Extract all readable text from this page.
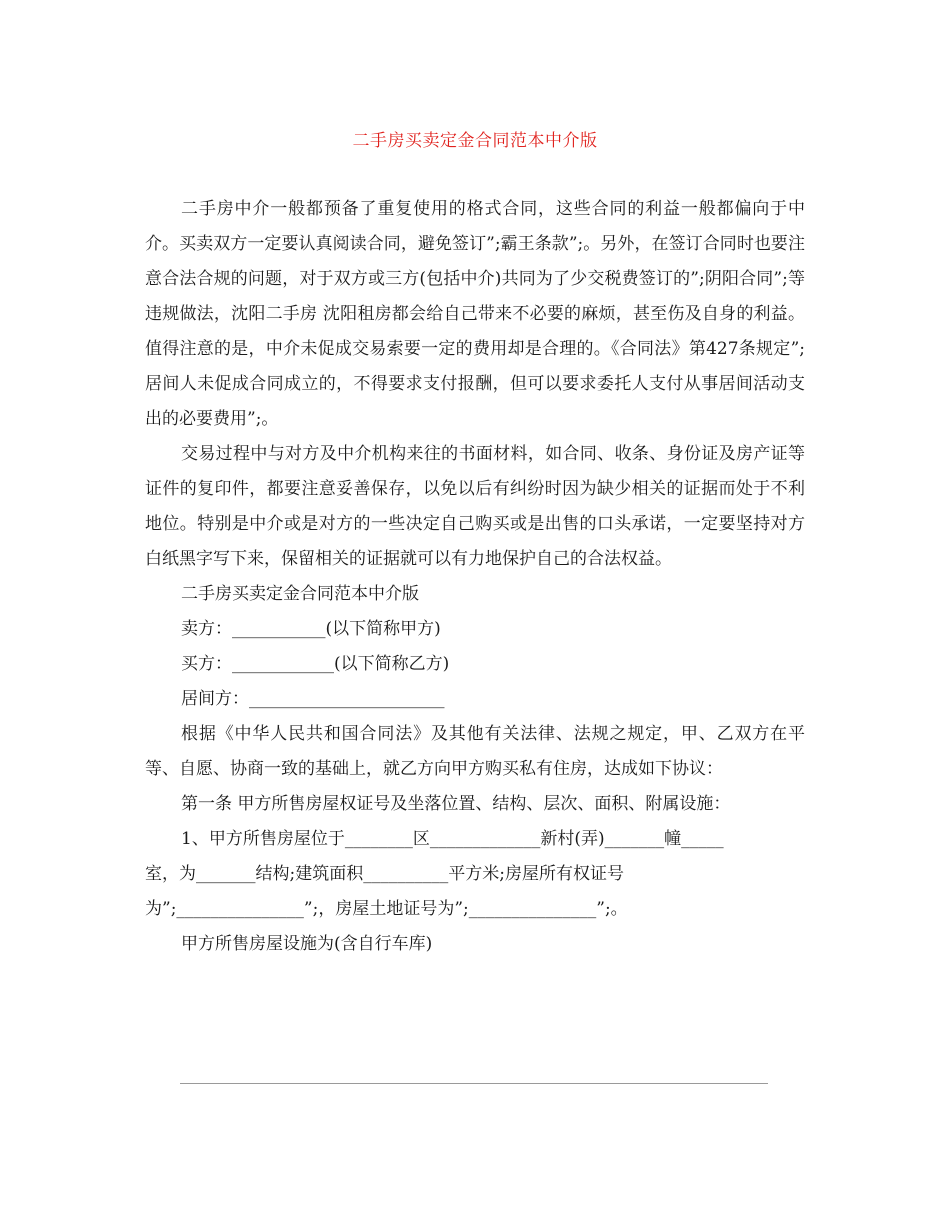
二手房买卖定金合同范本中介版

二手房中介一般都预备了重复使用的格式合同，这些合同的利益一般都偏向于中介。买卖双方一定要认真阅读合同，避免签订”;霸王条款”;。另外，在签订合同时也要注意合法合规的问题，对于双方或三方(包括中介)共同为了少交税费签订的”;阴阳合同”;等违规做法，沈阳二手房 沈阳租房都会给自己带来不必要的麻烦，甚至伤及自身的利益。值得注意的是，中介未促成交易索要一定的费用却是合理的。《合同法》第427条规定”;居间人未促成合同成立的，不得要求支付报酬，但可以要求委托人支付从事居间活动支出的必要费用”;。

交易过程中与对方及中介机构来往的书面材料，如合同、收条、身份证及房产证等证件的复印件，都要注意妥善保存，以免以后有纠纷时因为缺少相关的证据而处于不利地位。特别是中介或是对方的一些决定自己购买或是出售的口头承诺，一定要坚持对方白纸黑字写下来，保留相关的证据就可以有力地保护自己的合法权益。

二手房买卖定金合同范本中介版

卖方：___________(以下简称甲方)

买方：____________(以下简称乙方)

居间方：_______________________

根据《中华人民共和国合同法》及其他有关法律、法规之规定，甲、乙双方在平等、自愿、协商一致的基础上，就乙方向甲方购买私有住房，达成如下协议：

第一条 甲方所售房屋权证号及坐落位置、结构、层次、面积、附属设施：

1、甲方所售房屋位于________区_____________新村(弄)_______幢_____

室，为_______结构;建筑面积__________平方米;房屋所有权证号

为”;_______________”;，房屋土地证号为”;_______________”;。

甲方所售房屋设施为(含自行车库)
